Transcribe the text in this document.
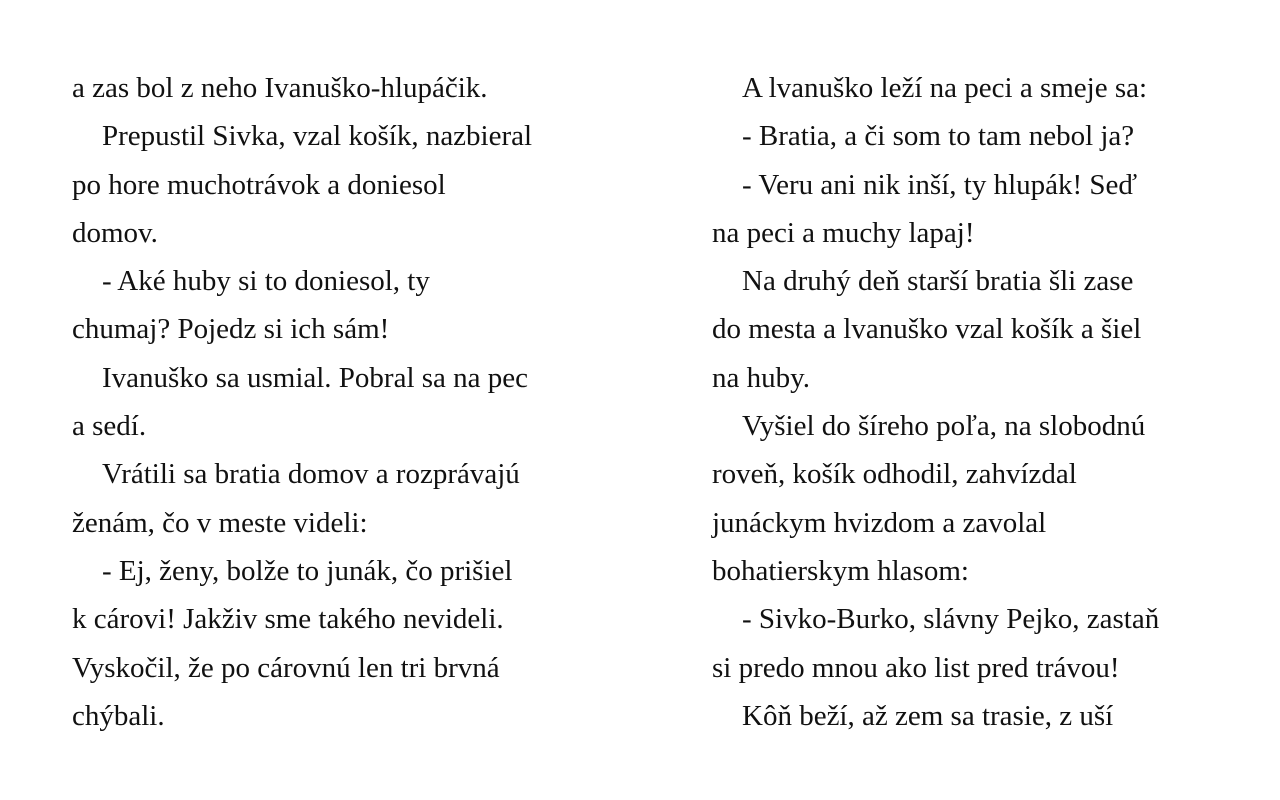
a zas bol z neho Ivanuško-hlupáčik.
Prepustil Sivka, vzal košík, nazbieral
po hore muchotrávok a doniesol
domov.
- Aké huby si to doniesol, ty
chumaj? Pojedz si ich sám!
Ivanuško sa usmial. Pobral sa na pec
a sedí.
Vrátili sa bratia domov a rozprávajú
ženám, čo v meste videli:
- Ej, ženy, bolže to junák, čo prišiel
k cárovi! Jakživ sme takého nevideli.
Vyskočil, že po cárovnú len tri brvná
chýbali.
A lvanuško leží na peci a smeje sa:
- Bratia, a či som to tam nebol ja?
- Veru ani nik inší, ty hlupák! Seď
na peci a muchy lapaj!
Na druhý deň starší bratia šli zase
do mesta a lvanuško vzal košík a šiel
na huby.
Vyšiel do šíreho poľa, na slobodnú
roveň, košík odhodil, zahvízdal
junáckym hvizdom a zavolal
bohatierskym hlasom:
- Sivko-Burko, slávny Pejko, zastaň
si predo mnou ako list pred trávou!
Kôň beží, až zem sa trasie, z uší
